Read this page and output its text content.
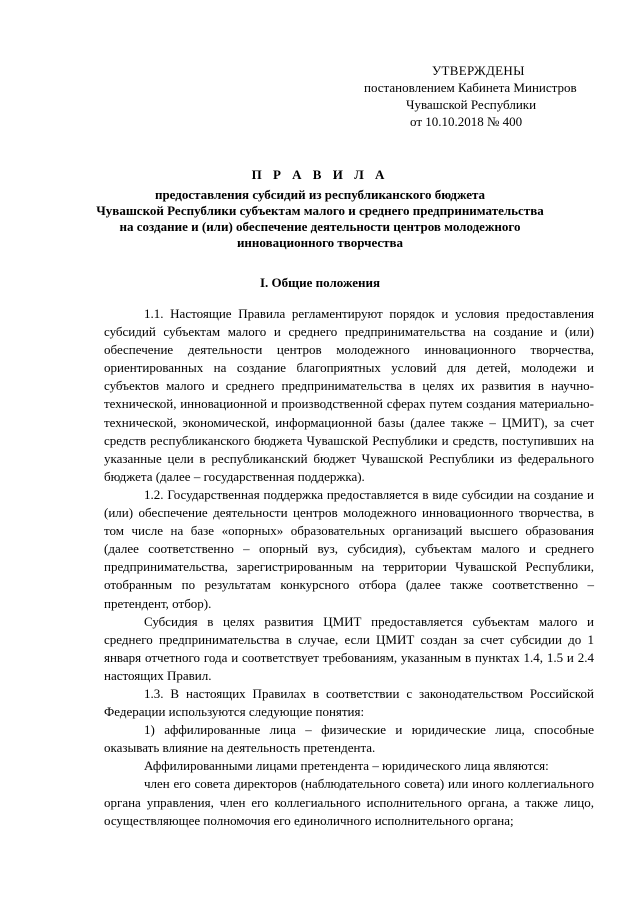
УТВЕРЖДЕНЫ
постановлением Кабинета Министров
Чувашской Республики
от 10.10.2018 № 400
П Р А В И Л А
предоставления субсидий из республиканского бюджета
Чувашской Республики субъектам малого и среднего предпринимательства
на создание и (или) обеспечение деятельности центров молодежного
инновационного творчества
I. Общие положения

1.1. Настоящие Правила регламентируют порядок и условия предоставления субсидий субъектам малого и среднего предпринимательства на создание и (или) обеспечение деятельности центров молодежного инновационного творчества, ориентированных на создание благоприятных условий для детей, молодежи и субъектов малого и среднего предпринимательства в целях их развития в научно-технической, инновационной и производственной сферах путем создания материально-технической, экономической, информационной базы (далее также – ЦМИТ), за счет средств республиканского бюджета Чувашской Республики и средств, поступивших на указанные цели в республиканский бюджет Чувашской Республики из федерального бюджета (далее – государственная поддержка).

1.2. Государственная поддержка предоставляется в виде субсидии на создание и (или) обеспечение деятельности центров молодежного инновационного творчества, в том числе на базе «опорных» образовательных организаций высшего образования (далее соответственно – опорный вуз, субсидия), субъектам малого и среднего предпринимательства, зарегистрированным на территории Чувашской Республики, отобранным по результатам конкурсного отбора (далее также соответственно – претендент, отбор).

Субсидия в целях развития ЦМИТ предоставляется субъектам малого и среднего предпринимательства в случае, если ЦМИТ создан за счет субсидии до 1 января отчетного года и соответствует требованиям, указанным в пунктах 1.4, 1.5 и 2.4 настоящих Правил.

1.3. В настоящих Правилах в соответствии с законодательством Российской Федерации используются следующие понятия:

1) аффилированные лица – физические и юридические лица, способные оказывать влияние на деятельность претендента.

Аффилированными лицами претендента – юридического лица являются:

член его совета директоров (наблюдательного совета) или иного коллегиального органа управления, член его коллегиального исполнительного органа, а также лицо, осуществляющее полномочия его единоличного исполнительного органа;
